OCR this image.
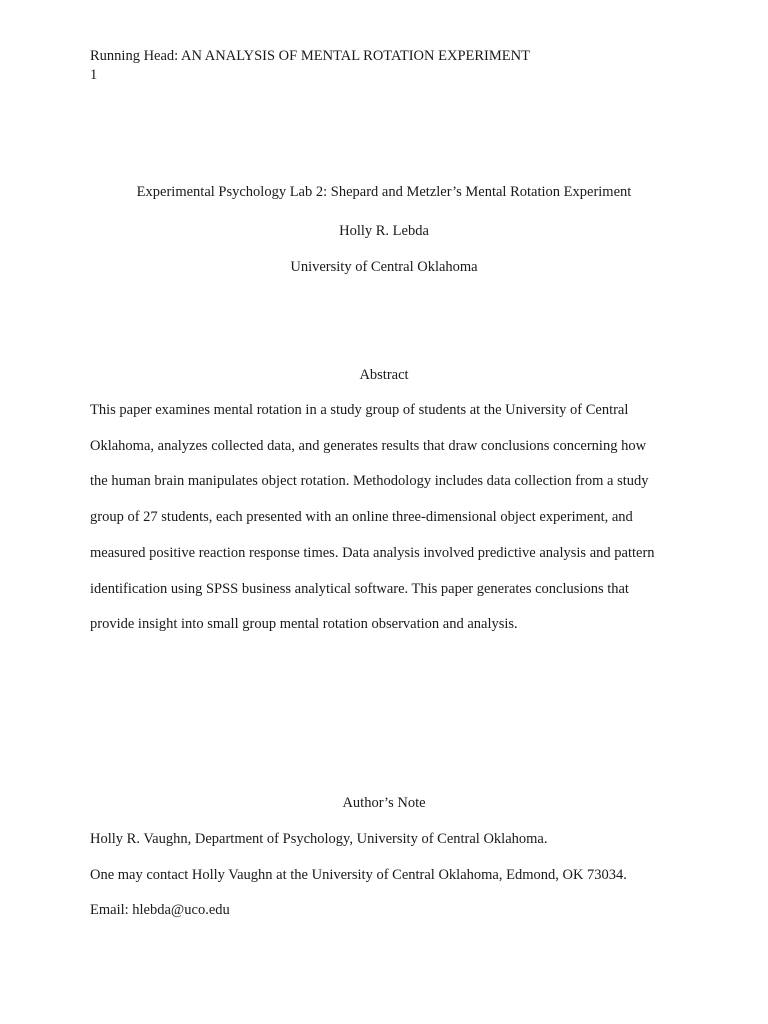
Running Head: AN ANALYSIS OF MENTAL ROTATION EXPERIMENT
1
Experimental Psychology Lab 2: Shepard and Metzler’s Mental Rotation Experiment
Holly R. Lebda
University of Central Oklahoma
Abstract
This paper examines mental rotation in a study group of students at the University of Central
Oklahoma, analyzes collected data, and generates results that draw conclusions concerning how
the human brain manipulates object rotation. Methodology includes data collection from a study
group of 27 students, each presented with an online three-dimensional object experiment, and
measured positive reaction response times. Data analysis involved predictive analysis and pattern
identification using SPSS business analytical software. This paper generates conclusions that
provide insight into small group mental rotation observation and analysis.
Author’s Note
Holly R. Vaughn, Department of Psychology, University of Central Oklahoma.
One may contact Holly Vaughn at the University of Central Oklahoma, Edmond, OK 73034.
Email: hlebda@uco.edu
